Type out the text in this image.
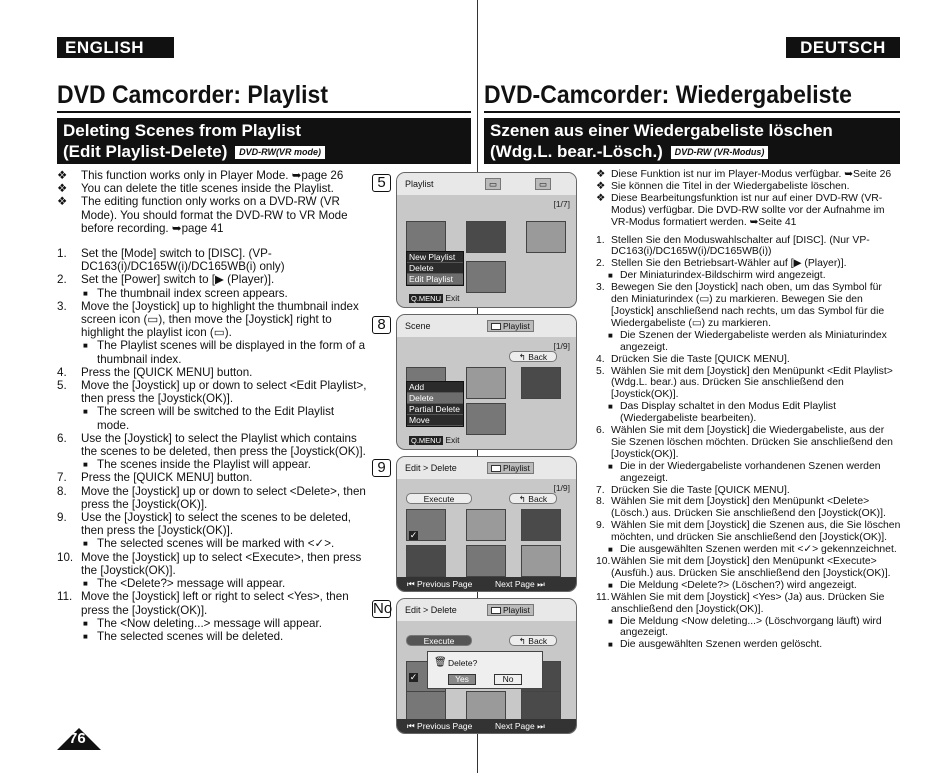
ENGLISH	DEUTSCH
DVD Camcorder: Playlist	DVD-Camcorder: Wiedergabeliste
Deleting Scenes from Playlist
(Edit Playlist-Delete) DVD-RW(VR mode)
Szenen aus einer Wiedergabeliste löschen
(Wdg.L. bear.-Lösch.) DVD-RW (VR-Modus)
❖ This function works only in Player Mode. ➥page 26
❖ You can delete the title scenes inside the Playlist.
❖ The editing function only works on a DVD-RW (VR Mode). You should format the DVD-RW to VR Mode before recording. ➥page 41
1. Set the [Mode] switch to [DISC]. (VP-DC163(i)/DC165W(i)/DC165WB(i) only)
2. Set the [Power] switch to [▶ (Player)].
■ The thumbnail index screen appears.
3. Move the [Joystick] up to highlight the thumbnail index screen icon (▭), then move the [Joystick] right to highlight the playlist icon (▭).
■ The Playlist scenes will be displayed in the form of a thumbnail index.
4. Press the [QUICK MENU] button.
5. Move the [Joystick] up or down to select <Edit Playlist>, then press the [Joystick(OK)].
■ The screen will be switched to the Edit Playlist mode.
6. Use the [Joystick] to select the Playlist which contains the scenes to be deleted, then press the [Joystick(OK)].
■ The scenes inside the Playlist will appear.
7. Press the [QUICK MENU] button.
8. Move the [Joystick] up or down to select <Delete>, then press the [Joystick(OK)].
9. Use the [Joystick] to select the scenes to be deleted, then press the [Joystick(OK)].
■ The selected scenes will be marked with <✓>.
10. Move the [Joystick] up to select <Execute>, then press the [Joystick(OK)].
■ The <Delete?> message will appear.
11. Move the [Joystick] left or right to select <Yes>, then press the [Joystick(OK)].
■ The <Now deleting...> message will appear.
■ The selected scenes will be deleted.
❖ Diese Funktion ist nur im Player-Modus verfügbar. ➥Seite 26
❖ Sie können die Titel in der Wiedergabeliste löschen.
❖ Diese Bearbeitungsfunktion ist nur auf einer DVD-RW (VR-Modus) verfügbar. Die DVD-RW sollte vor der Aufnahme im VR-Modus formatiert werden. ➥Seite 41
1. Stellen Sie den Moduswahlschalter auf [DISC]. (Nur VP-DC163(i)/DC165W(i)/DC165WB(i))
2. Stellen Sie den Betriebsart-Wähler auf [▶ (Player)].
■ Der Miniaturindex-Bildschirm wird angezeigt.
3. Bewegen Sie den [Joystick] nach oben, um das Symbol für den Miniaturindex (▭) zu markieren. Bewegen Sie den [Joystick] anschließend nach rechts, um das Symbol für die Wiedergabeliste (▭) zu markieren.
■ Die Szenen der Wiedergabeliste werden als Miniaturindex angezeigt.
4. Drücken Sie die Taste [QUICK MENU].
5. Wählen Sie mit dem [Joystick] den Menüpunkt <Edit Playlist> (Wdg.L. bear.) aus. Drücken Sie anschließend den [Joystick(OK)].
■ Das Display schaltet in den Modus Edit Playlist (Wiedergabeliste bearbeiten).
6. Wählen Sie mit dem [Joystick] die Wiedergabeliste, aus der Sie Szenen löschen möchten. Drücken Sie anschließend den [Joystick(OK)].
■ Die in der Wiedergabeliste vorhandenen Szenen werden angezeigt.
7. Drücken Sie die Taste [QUICK MENU].
8. Wählen Sie mit dem [Joystick] den Menüpunkt <Delete> (Lösch.) aus. Drücken Sie anschließend den [Joystick(OK)].
9. Wählen Sie mit dem [Joystick] die Szenen aus, die Sie löschen möchten, und drücken Sie anschließend den [Joystick(OK)].
■ Die ausgewählten Szenen werden mit <✓> gekennzeichnet.
10. Wählen Sie mit dem [Joystick] den Menüpunkt <Execute> (Ausfüh.) aus. Drücken Sie anschließend den [Joystick(OK)].
■ Die Meldung <Delete?> (Löschen?) wird angezeigt.
11. Wählen Sie mit dem [Joystick] <Yes> (Ja) aus. Drücken Sie anschließend den [Joystick(OK)].
■ Die Meldung <Now deleting...> (Löschvorgang läuft) wird angezeigt.
■ Die ausgewählten Szenen werden gelöscht.
5	Playlist	▭	▭
[1/7]
New Playlist
Delete
Edit Playlist
Q.MENU Exit
8	Scene	Playlist
[1/9]
↰ Back
Add
Delete
Partial Delete
Move
Q.MENU Exit
9	Edit > Delete	Playlist
[1/9]
Execute	↰ Back
✓
⏮ Previous Page	Next Page ⏭
No Edit > Delete	Playlist
Execute	↰ Back
✓
🗑 Delete?
Yes	No
⏮ Previous Page	Next Page ⏭
76
